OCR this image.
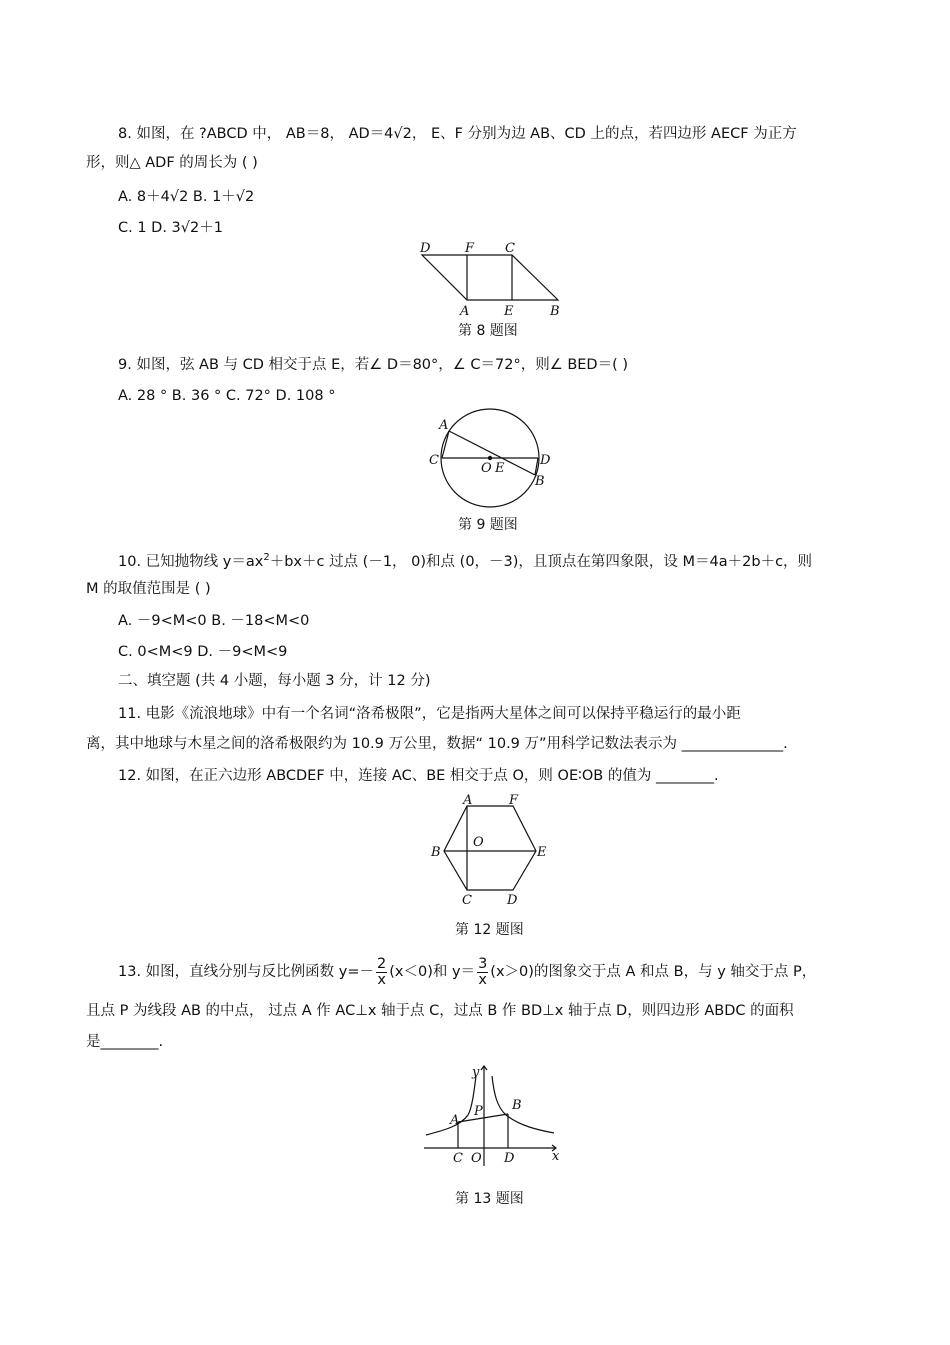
8. 如图，在 ?ABCD 中， AB＝8， AD＝4√2， E、F 分别为边 AB、CD 上的点，若四边形 AECF 为正方
形，则△ ADF 的周长为 ( )
A. 8＋4√2 B. 1＋√2
C. 1 D. 3√2＋1
D	F C
A	E	B
第 8 题图
9. 如图，弦 AB 与 CD 相交于点 E，若∠ D＝80°，∠ C＝72°，则∠ BED＝( )
A. 28 ° B. 36 ° C. 72° D. 108 °
A
C
O E
D
B
第 9 题图
10. 已知抛物线 $y=ax^2+bx+c$ 过点 (－1， 0)和点 (0，－3)，且顶点在第四象限，设 M＝4a＋2b＋c，则
M 的取值范围是 ( )
A. －9<M<0 B. －18<M<0
C. 0<M<9 D. －9<M<9
二、填空题 (共 4 小题，每小题 3 分，计 12 分)
11. 电影《流浪地球》中有一个名词“洛希极限”，它是指两大星体之间可以保持平稳运行的最小距
离，其中地球与木星之间的洛希极限约为 10.9 万公里，数据“ 10.9 万”用科学记数法表示为 ______________.
12. 如图，在正六边形 ABCDEF 中，连接 AC、BE 相交于点 O，则 OE∶OB 的值为 ________.
A	F
O
B	E
C	D
第 12 题图
13. 如图，直线分别与反比例函数 $y=- \frac{2}{x} (x<0)$和 $y= \frac{3}{x} (x>0)$的图象交于点 A 和点 B，与 y 轴交于点 P，
且点 P 为线段 AB 的中点， 过点 A 作 AC⊥x 轴于点 C，过点 B 作 BD⊥x 轴于点 D，则四边形 ABDC 的面积
是________.
y
A
P B
C O D	x
第 13 题图
